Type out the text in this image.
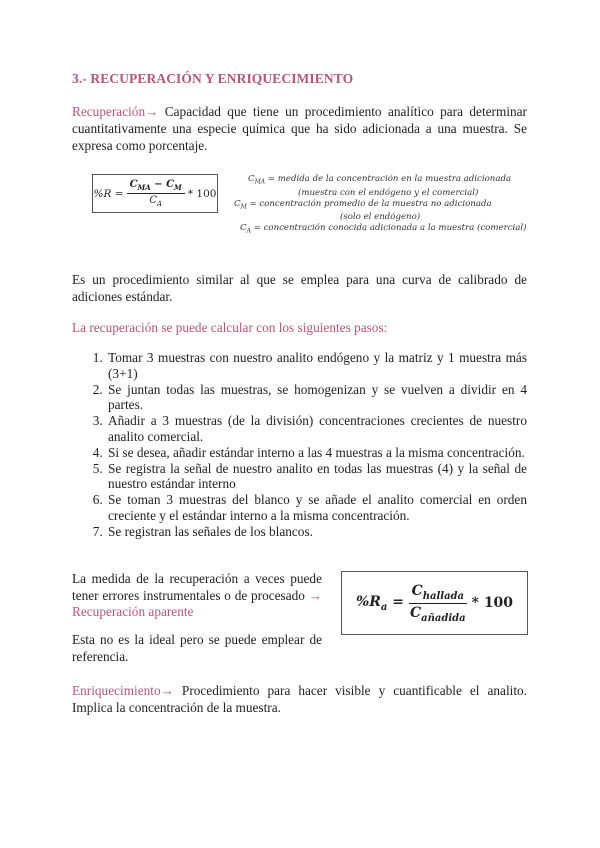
3.- RECUPERACIÓN Y ENRIQUECIMIENTO
Recuperación→ Capacidad que tiene un procedimiento analítico para determinar cuantitativamente una especie química que ha sido adicionada a una muestra. Se expresa como porcentaje.
$\%R = \frac{C_{MA} - C_M}{C_A} * 100$
$C_{MA}$ = medida de la concentración en la muestra adicionada
(muestra con el endógeno y el comercial)
$C_M$ = concentración promedio de la muestra no adicionada
(solo el endógeno)
$C_A$ = concentración conocida adicionada a la muestra (comercial)
Es un procedimiento similar al que se emplea para una curva de calibrado de adiciones estándar.
La recuperación se puede calcular con los siguientes pasos:
1. Tomar 3 muestras con nuestro analito endógeno y la matriz y 1 muestra más (3+1)
2. Se juntan todas las muestras, se homogenizan y se vuelven a dividir en 4 partes.
3. Añadir a 3 muestras (de la división) concentraciones crecientes de nuestro analito comercial.
4. Si se desea, añadir estándar interno a las 4 muestras a la misma concentración.
5. Se registra la señal de nuestro analito en todas las muestras (4) y la señal de nuestro estándar interno
6. Se toman 3 muestras del blanco y se añade el analito comercial en orden creciente y el estándar interno a la misma concentración.
7. Se registran las señales de los blancos.
La medida de la recuperación a veces puede tener errores instrumentales o de procesado → Recuperación aparente
Esta no es la ideal pero se puede emplear de referencia.
$\%R_a = \frac{C_{hallada}}{C_{añadida}} * 100$
Enriquecimiento→ Procedimiento para hacer visible y cuantificable el analito. Implica la concentración de la muestra.
